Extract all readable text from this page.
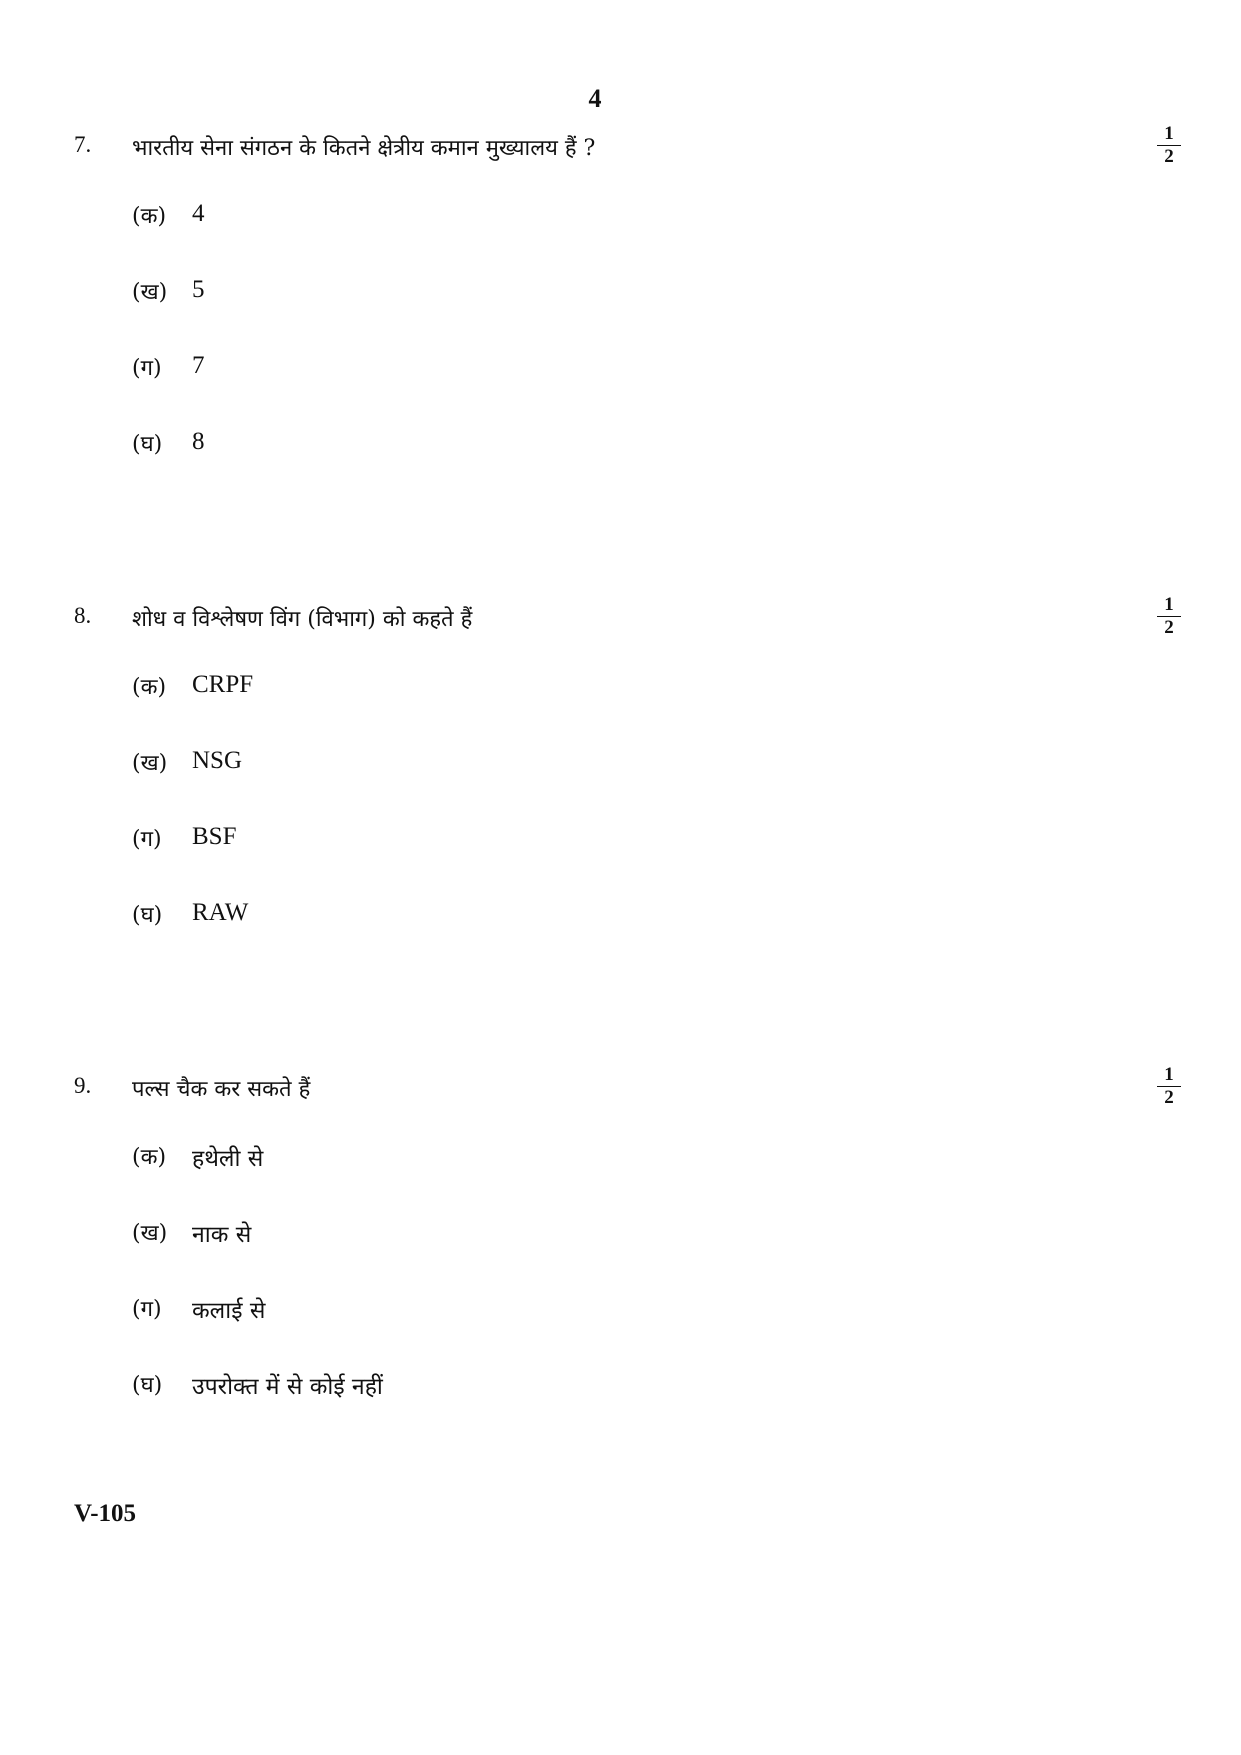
4
7. भारतीय सेना संगठन के कितने क्षेत्रीय कमान मुख्यालय हैं ?	$\frac{1}{2}$
(क) 4
(ख) 5
(ग) 7
(घ) 8
8. शोध व विश्लेषण विंग (विभाग) को कहते हैं	$\frac{1}{2}$
(क) CRPF
(ख) NSG
(ग) BSF
(घ) RAW
9. पल्स चैक कर सकते हैं	$\frac{1}{2}$
(क) हथेली से
(ख) नाक से
(ग) कलाई से
(घ) उपरोक्त में से कोई नहीं
V-105
